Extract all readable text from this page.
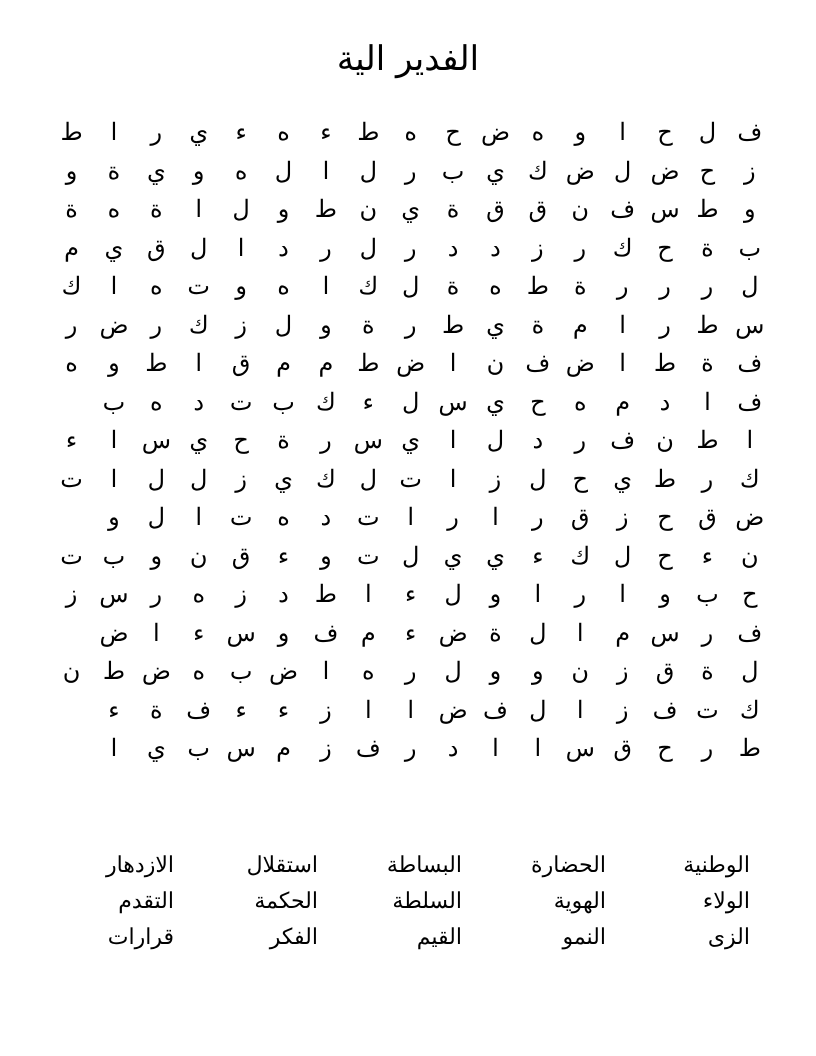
الفدير الية
ف
ل
ح
ا
و
ه
ض
ح
ه
ط
ء
ه
ء
ي
ر
ا
ط
ز
ح
ض
ل
ض
ك
ي
ب
ر
ل
ا
ل
ه
و
ي
ة
و
و
ط
س
ف
ن
ق
ق
ة
ي
ن
ط
و
ل
ا
ة
ه
ة
ب
ة
ح
ك
ر
ز
د
د
ر
ل
ر
د
ا
ل
ق
ي
م
ل
ر
ر
ر
ة
ط
ه
ة
ل
ك
ا
ه
و
ت
ه
ا
ك
س
ط
ر
ا
م
ة
ي
ط
ر
ة
و
ل
ز
ك
ر
ض
ر
ف
ة
ط
ا
ض
ف
ن
ا
ض
ط
م
م
ق
ا
ط
و
ه
ف
ا
د
م
ه
ح
ي
س
ل
ء
ك
ب
ت
د
ه
ب
ا
ط
ن
ف
ر
د
ل
ا
ي
س
ر
ة
ح
ي
س
ا
ء
ك
ر
ط
ي
ح
ل
ز
ا
ت
ل
ك
ي
ز
ل
ل
ا
ت
ض
ق
ح
ز
ق
ر
ا
ر
ا
ت
د
ه
ت
ا
ل
و
ن
ء
ح
ل
ك
ء
ي
ي
ل
ت
و
ء
ق
ن
و
ب
ت
ح
ب
و
ا
ر
ا
و
ل
ء
ا
ط
د
ز
ه
ر
س
ز
ف
ر
س
م
ا
ل
ة
ض
ء
م
ف
و
س
ء
ا
ض
ل
ة
ق
ز
ن
و
و
ل
ر
ه
ا
ض
ب
ه
ض
ط
ن
ك
ت
ف
ز
ا
ل
ف
ض
ا
ا
ز
ء
ء
ف
ة
ء
ط
ر
ح
ق
س
ا
ا
د
ر
ف
ز
م
س
ب
ي
ا
الوطنية
الحضارة
البساطة
استقلال
الازدهار
الولاء
الهوية
السلطة
الحكمة
التقدم
الزى
النمو
القيم
الفكر
قرارات
